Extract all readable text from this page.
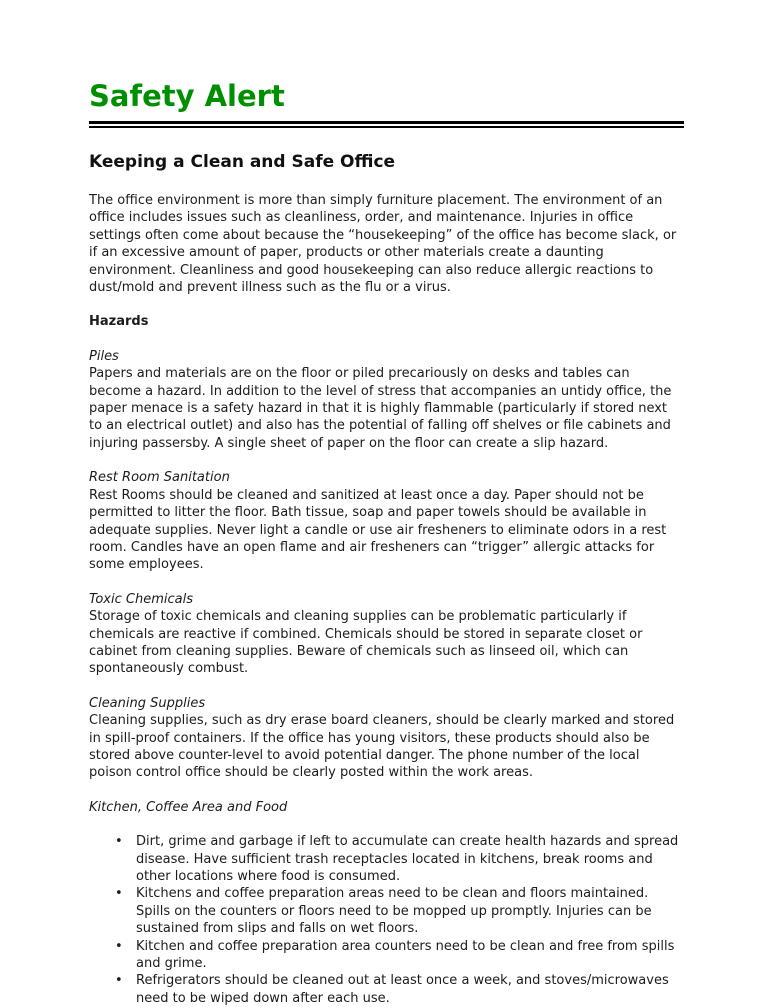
Safety Alert
Keeping a Clean and Safe Office

The office environment is more than simply furniture placement. The environment of an office includes issues such as cleanliness, order, and maintenance. Injuries in office settings often come about because the “housekeeping” of the office has become slack, or if an excessive amount of paper, products or other materials create a daunting environment. Cleanliness and good housekeeping can also reduce allergic reactions to dust/mold and prevent illness such as the flu or a virus.

Hazards

Piles

Papers and materials are on the floor or piled precariously on desks and tables can become a hazard. In addition to the level of stress that accompanies an untidy office, the paper menace is a safety hazard in that it is highly flammable (particularly if stored next to an electrical outlet) and also has the potential of falling off shelves or file cabinets and injuring passersby. A single sheet of paper on the floor can create a slip hazard.

Rest Room Sanitation

Rest Rooms should be cleaned and sanitized at least once a day. Paper should not be permitted to litter the floor. Bath tissue, soap and paper towels should be available in adequate supplies. Never light a candle or use air fresheners to eliminate odors in a rest room. Candles have an open flame and air fresheners can “trigger” allergic attacks for some employees.

Toxic Chemicals

Storage of toxic chemicals and cleaning supplies can be problematic particularly if chemicals are reactive if combined. Chemicals should be stored in separate closet or cabinet from cleaning supplies. Beware of chemicals such as linseed oil, which can spontaneously combust.

Cleaning Supplies

Cleaning supplies, such as dry erase board cleaners, should be clearly marked and stored in spill-proof containers. If the office has young visitors, these products should also be stored above counter-level to avoid potential danger. The phone number of the local poison control office should be clearly posted within the work areas.

Kitchen, Coffee Area and Food

• Dirt, grime and garbage if left to accumulate can create health hazards and spread disease. Have sufficient trash receptacles located in kitchens, break rooms and other locations where food is consumed.
• Kitchens and coffee preparation areas need to be clean and floors maintained. Spills on the counters or floors need to be mopped up promptly. Injuries can be sustained from slips and falls on wet floors.
• Kitchen and coffee preparation area counters need to be clean and free from spills and grime.
• Refrigerators should be cleaned out at least once a week, and stoves/microwaves need to be wiped down after each use.
